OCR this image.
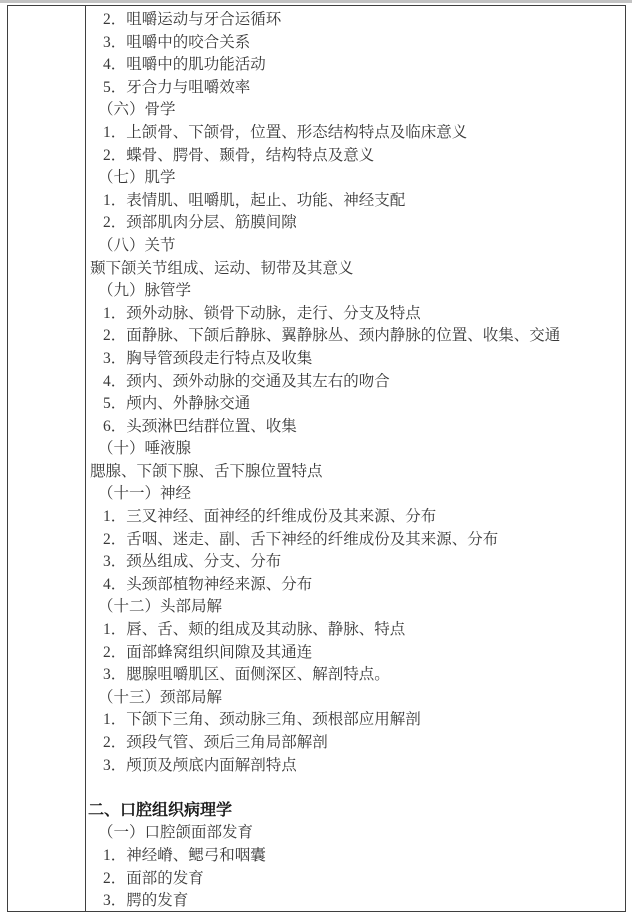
2．咀嚼运动与牙合运循环
3．咀嚼中的咬合关系
4．咀嚼中的肌功能活动
5．牙合力与咀嚼效率
（六）骨学
1．上颌骨、下颌骨，位置、形态结构特点及临床意义
2．蝶骨、腭骨、颞骨，结构特点及意义
（七）肌学
1．表情肌、咀嚼肌，起止、功能、神经支配
2．颈部肌肉分层、筋膜间隙
（八）关节
颞下颌关节组成、运动、韧带及其意义
（九）脉管学
1．颈外动脉、锁骨下动脉，走行、分支及特点
2．面静脉、下颌后静脉、翼静脉丛、颈内静脉的位置、收集、交通
3．胸导管颈段走行特点及收集
4．颈内、颈外动脉的交通及其左右的吻合
5．颅内、外静脉交通
6．头颈淋巴结群位置、收集
（十）唾液腺
腮腺、下颌下腺、舌下腺位置特点
（十一）神经
1．三叉神经、面神经的纤维成份及其来源、分布
2．舌咽、迷走、副、舌下神经的纤维成份及其来源、分布
3．颈丛组成、分支、分布
4．头颈部植物神经来源、分布
（十二）头部局解
1．唇、舌、颊的组成及其动脉、静脉、特点
2．面部蜂窝组织间隙及其通连
3．腮腺咀嚼肌区、面侧深区、解剖特点。
（十三）颈部局解
1．下颌下三角、颈动脉三角、颈根部应用解剖
2．颈段气管、颈后三角局部解剖
3．颅顶及颅底内面解剖特点

二、口腔组织病理学
（一）口腔颌面部发育
1．神经嵴、鳃弓和咽囊
2．面部的发育
3．腭的发育
